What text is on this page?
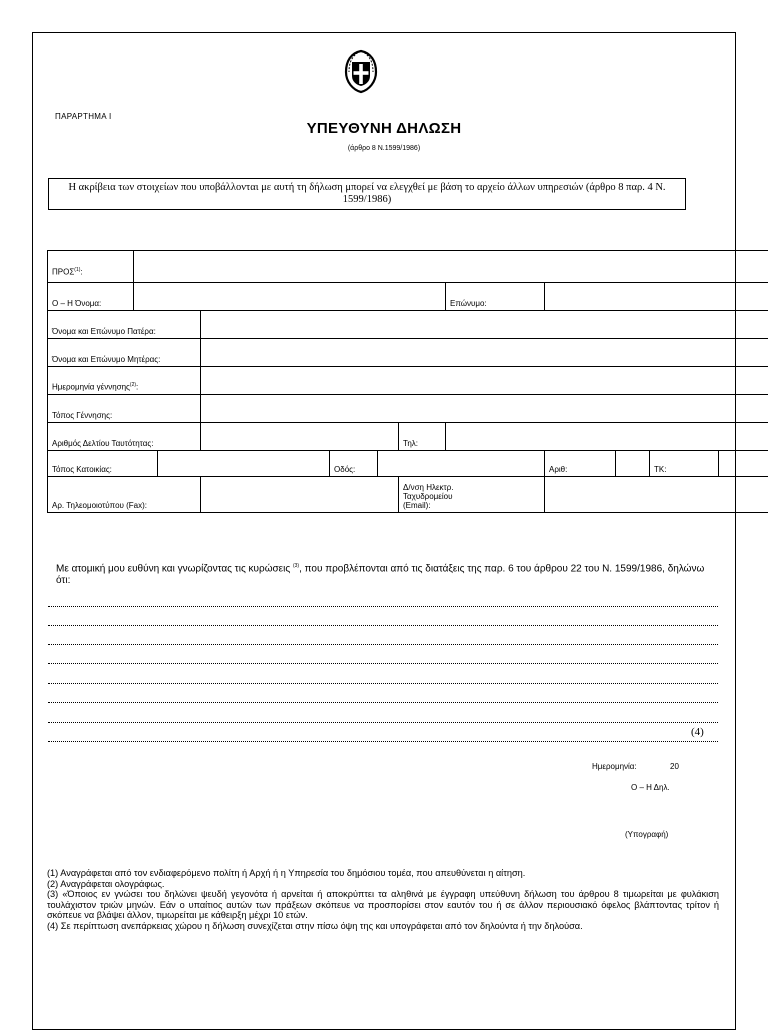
ΠΑΡΑΡΤΗΜΑ Ι
ΥΠΕΥΘΥΝΗ ΔΗΛΩΣΗ
(άρθρο 8 Ν.1599/1986)
Η ακρίβεια των στοιχείων που υποβάλλονται με αυτή τη δήλωση μπορεί να ελεγχθεί με βάση το αρχείο άλλων υπηρεσιών (άρθρο 8 παρ. 4 Ν. 1599/1986)
ΠΡΟΣ$^{(1)}$:											
Ο – Η Όνομα:							Επώνυμο:				
Όνομα και Επώνυμο Πατέρα:											
Όνομα και Επώνυμο Μητέρας:											
Ημερομηνία γέννησης$^{(2)}$:											
Τόπος Γέννησης:											
Αριθμός Δελτίου Ταυτότητας:						Τηλ:					
Τόπος Κατοικίας:				Οδός:				Αριθ:		ΤΚ:	
Αρ. Τηλεομοιοτύπου (Fax):						Δ/νση Ηλεκτρ.
Ταχυδρομείου
(Email):					

Με ατομική μου ευθύνη και γνωρίζοντας τις κυρώσεις $^{(3)}$, που προβλέπονται από τις διατάξεις της παρ. 6 του άρθρου 22 του Ν. 1599/1986, δηλώνω ότι:
(4)
Ημερομηνία:	20
Ο – Η Δηλ.
(Υπογραφή)
(1) Αναγράφεται από τον ενδιαφερόμενο πολίτη ή Αρχή ή η Υπηρεσία του δημόσιου τομέα, που απευθύνεται η αίτηση.
(2) Αναγράφεται ολογράφως.
(3) «Όποιος εν γνώσει του δηλώνει ψευδή γεγονότα ή αρνείται ή αποκρύπτει τα αληθινά με έγγραφη υπεύθυνη δήλωση του άρθρου 8 τιμωρείται με φυλάκιση τουλάχιστον τριών μηνών. Εάν ο υπαίτιος αυτών των πράξεων σκόπευε να προσπορίσει στον εαυτόν του ή σε άλλον περιουσιακό όφελος βλάπτοντας τρίτον ή σκόπευε να βλάψει άλλον, τιμωρείται με κάθειρξη μέχρι 10 ετών.
(4) Σε περίπτωση ανεπάρκειας χώρου η δήλωση συνεχίζεται στην πίσω όψη της και υπογράφεται από τον δηλούντα ή την δηλούσα.
